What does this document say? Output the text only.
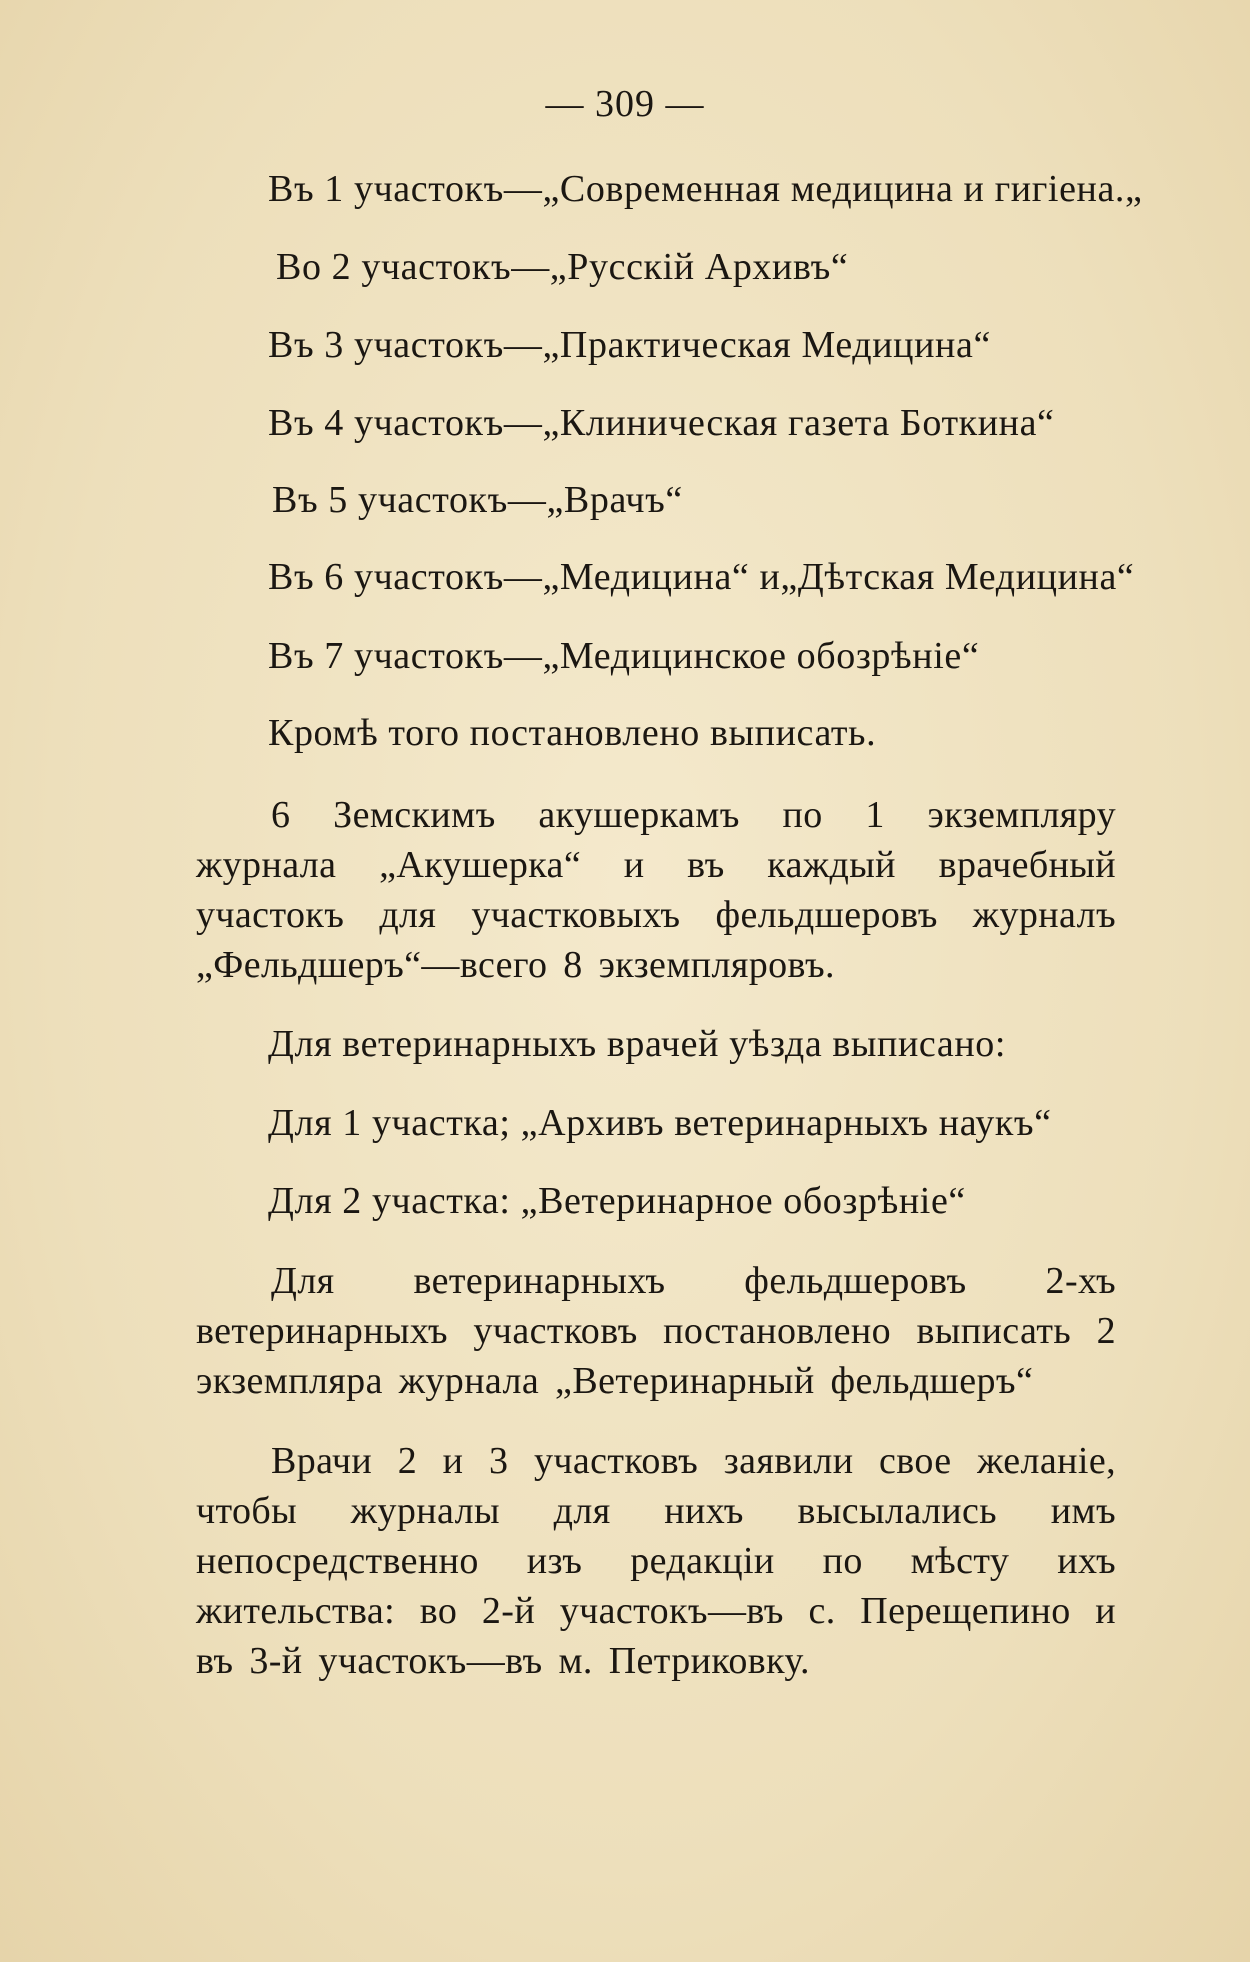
— 309 —
Въ 1 участокъ—„Современная медицина и гигіена.„
Во 2 участокъ—„Русскій Архивъ“
Въ 3 участокъ—„Практическая Медицина“
Въ 4 участокъ—„Клиническая газета Боткина“
Въ 5 участокъ—„Врачъ“
Въ 6 участокъ—„Медицина“ и„Дѣтская Медицина“
Въ 7 участокъ—„Медицинское обозрѣніе“
Кромѣ того постановлено выписать.
6 Земскимъ акушеркамъ по 1 экземпляру журнала „Акушерка“ и въ каждый врачебный участокъ для участковыхъ фельдшеровъ журналъ „Фельдшеръ“—всего 8 экземпляровъ.
Для ветеринарныхъ врачей уѣзда выписано:
Для 1 участка; „Архивъ ветеринарныхъ наукъ“
Для 2 участка: „Ветеринарное обозрѣніе“
Для ветеринарныхъ фельдшеровъ 2-хъ ветеринарныхъ участковъ постановлено выписать 2 экземпляра журнала „Ветеринарный фельдшеръ“
Врачи 2 и 3 участковъ заявили свое желаніе, чтобы журналы для нихъ высылались имъ непосредственно изъ редакціи по мѣсту ихъ жительства: во 2-й участокъ—въ с. Перещепино и въ 3-й участокъ—въ м. Петриковку.
